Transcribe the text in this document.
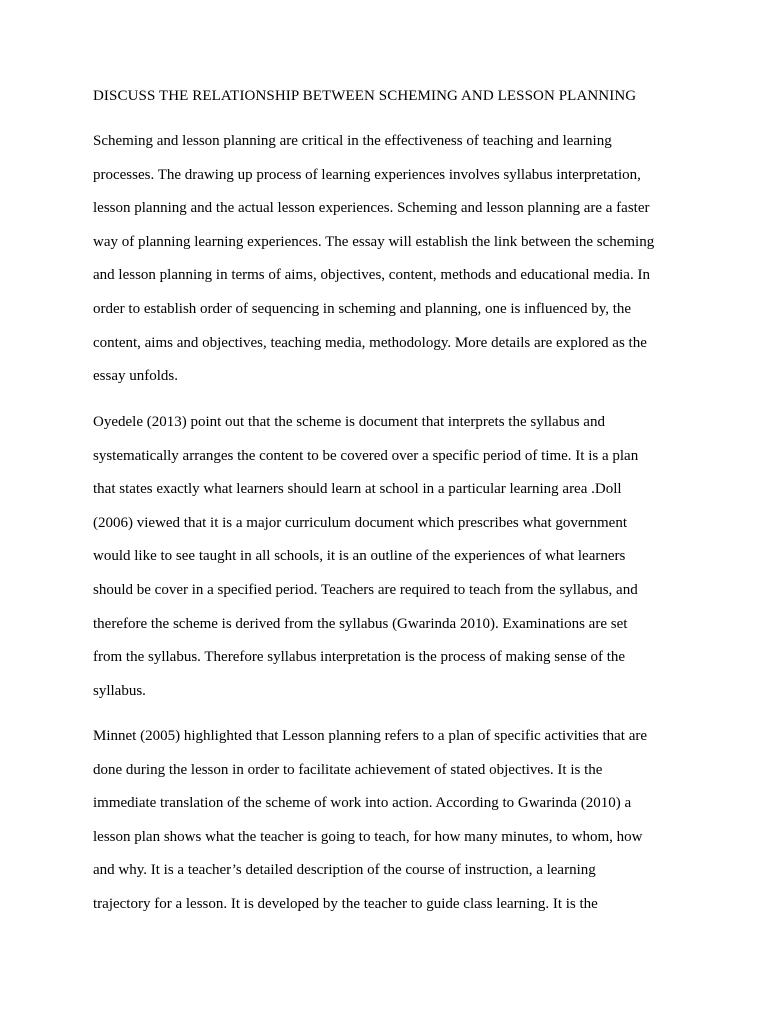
DISCUSS THE RELATIONSHIP BETWEEN SCHEMING AND LESSON PLANNING
Scheming and lesson planning are critical in the effectiveness of teaching and learning
processes. The drawing up process of learning experiences involves syllabus interpretation,
lesson planning and the actual lesson experiences. Scheming and lesson planning are a faster
way of planning learning experiences. The essay will establish the link between the scheming
and lesson planning in terms of aims, objectives, content, methods and educational media. In
order to establish order of sequencing in scheming and planning, one is influenced by, the
content, aims and objectives, teaching media, methodology. More details are explored as the
essay unfolds.
Oyedele (2013) point out that the scheme is document that interprets the syllabus and
systematically arranges the content to be covered over a specific period of time. It is a plan
that states exactly what learners should learn at school in a particular learning area .Doll
(2006) viewed that it is a major curriculum document which prescribes what government
would like to see taught in all schools, it is an outline of the experiences of what learners
should be cover in a specified period. Teachers are required to teach from the syllabus, and
therefore the scheme is derived from the syllabus (Gwarinda 2010). Examinations are set
from the syllabus. Therefore syllabus interpretation is the process of making sense of the
syllabus.
Minnet (2005) highlighted that Lesson planning refers to a plan of specific activities that are
done during the lesson in order to facilitate achievement of stated objectives. It is the
immediate translation of the scheme of work into action. According to Gwarinda (2010) a
lesson plan shows what the teacher is going to teach, for how many minutes, to whom, how
and why. It is a teacher’s detailed description of the course of instruction, a learning
trajectory for a lesson. It is developed by the teacher to guide class learning. It is the
